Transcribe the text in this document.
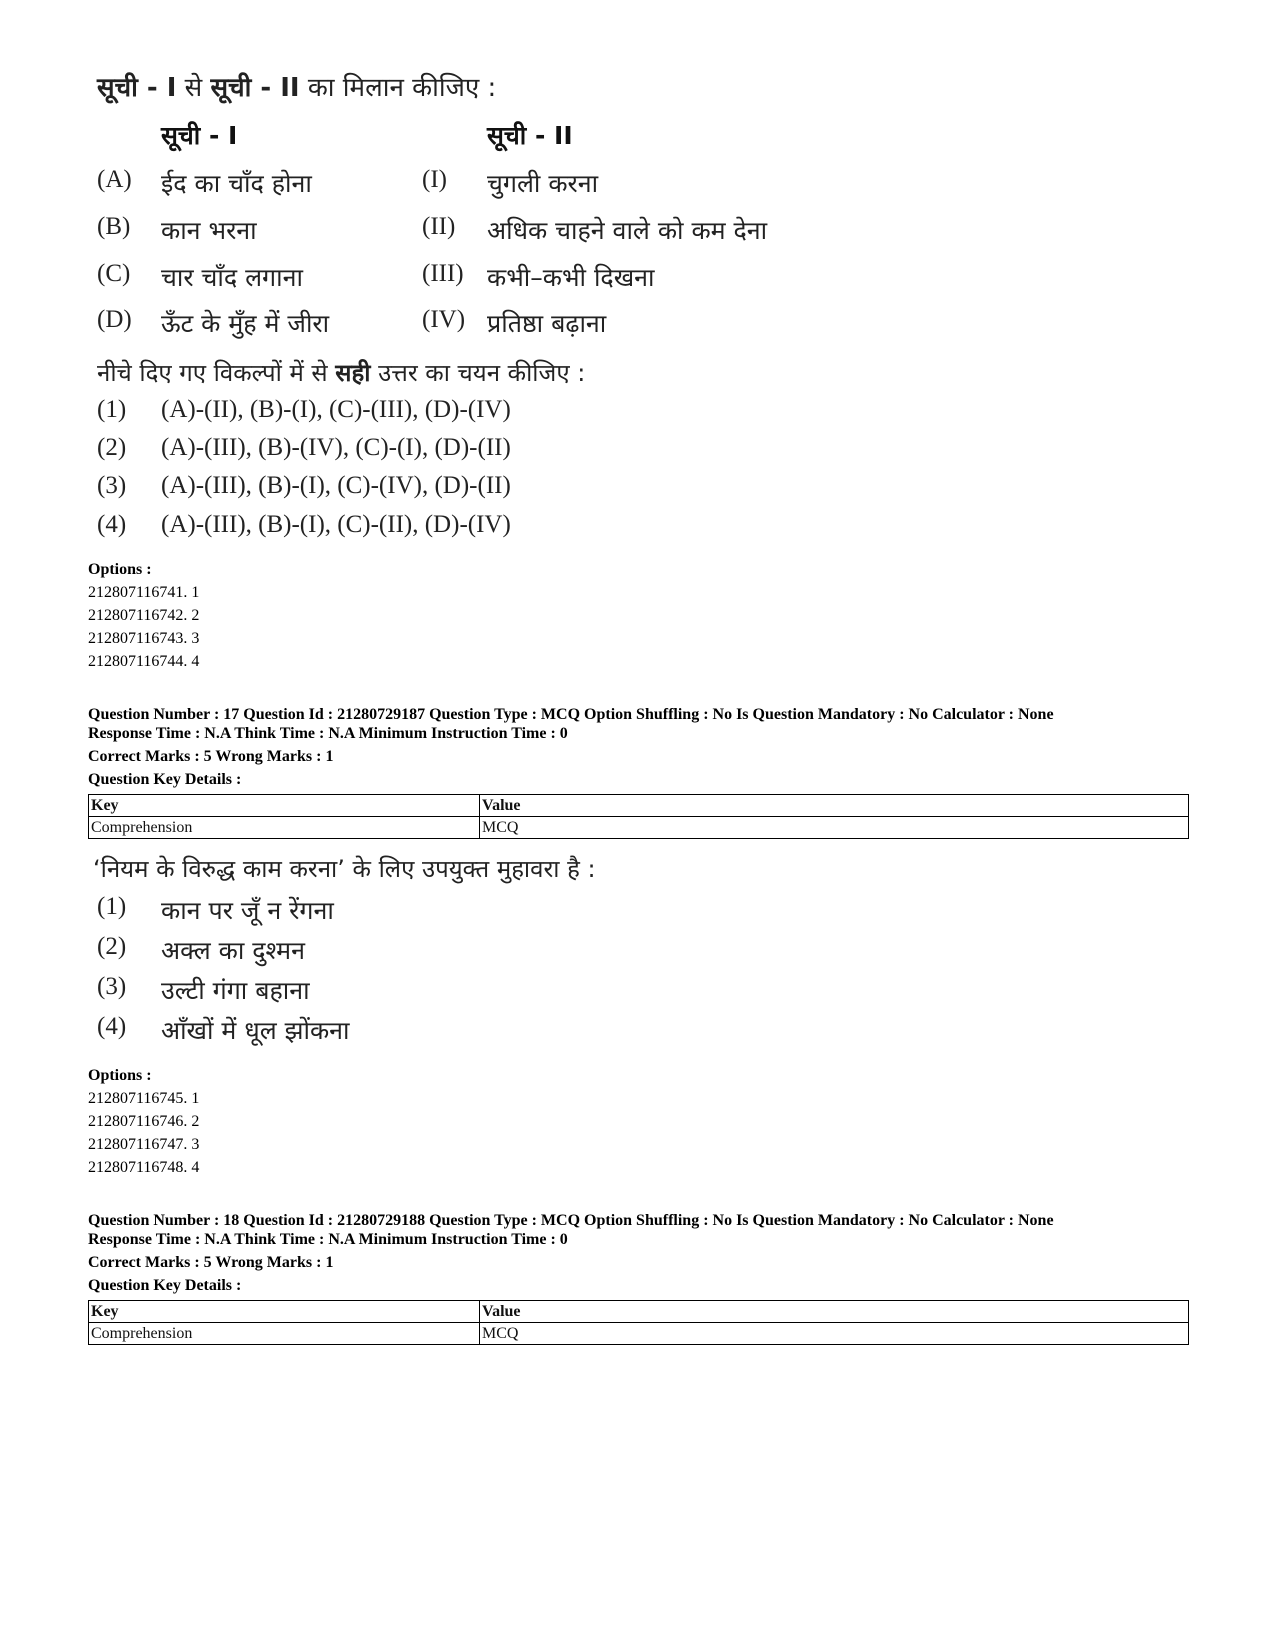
सूची - I से सूची - II का मिलान कीजिए :
सूची - I	सूची - II
(A) ईद का चाँद होना	(I) चुगली करना
(B) कान भरना	(II) अधिक चाहने वाले को कम देना
(C) चार चाँद लगाना	(III) कभी–कभी दिखना
(D) ऊँट के मुँह में जीरा	(IV) प्रतिष्ठा बढ़ाना
नीचे दिए गए विकल्पों में से सही उत्तर का चयन कीजिए :
(1) (A)-(II), (B)-(I), (C)-(III), (D)-(IV)
(2) (A)-(III), (B)-(IV), (C)-(I), (D)-(II)
(3) (A)-(III), (B)-(I), (C)-(IV), (D)-(II)
(4) (A)-(III), (B)-(I), (C)-(II), (D)-(IV)
Options :
212807116741. 1
212807116742. 2
212807116743. 3
212807116744. 4
Question Number : 17 Question Id : 21280729187 Question Type : MCQ Option Shuffling : No Is Question Mandatory : No Calculator : None
Response Time : N.A Think Time : N.A Minimum Instruction Time : 0
Correct Marks : 5 Wrong Marks : 1
Question Key Details :
Key	Value
Comprehension	MCQ
‘नियम के विरुद्ध काम करना’ के लिए उपयुक्त मुहावरा है :
(1) कान पर जूँ न रेंगना
(2) अक्ल का दुश्मन
(3) उल्टी गंगा बहाना
(4) आँखों में धूल झोंकना
Options :
212807116745. 1
212807116746. 2
212807116747. 3
212807116748. 4
Question Number : 18 Question Id : 21280729188 Question Type : MCQ Option Shuffling : No Is Question Mandatory : No Calculator : None
Response Time : N.A Think Time : N.A Minimum Instruction Time : 0
Correct Marks : 5 Wrong Marks : 1
Question Key Details :
Key	Value
Comprehension	MCQ
